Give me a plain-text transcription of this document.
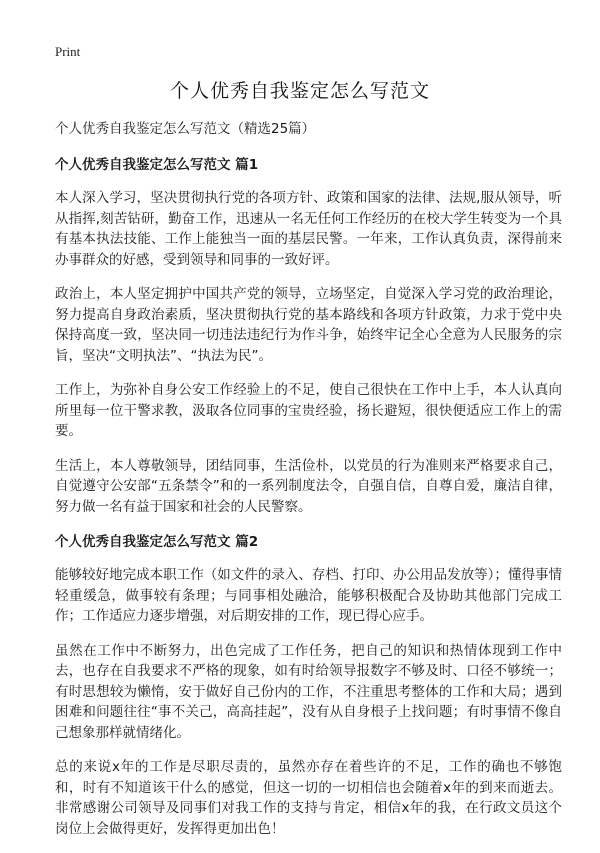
Print
个人优秀自我鉴定怎么写范文

个人优秀自我鉴定怎么写范文（精选25篇）

个人优秀自我鉴定怎么写范文 篇1

本人深入学习，坚决贯彻执行党的各项方针、政策和国家的法律、法规,服从领导，听从指挥,刻苦钻研，勤奋工作，迅速从一名无任何工作经历的在校大学生转变为一个具有基本执法技能、工作上能独当一面的基层民警。一年来，工作认真负责，深得前来办事群众的好感，受到领导和同事的一致好评。

政治上，本人坚定拥护中国共产党的领导，立场坚定，自觉深入学习党的政治理论，努力提高自身政治素质，坚决贯彻执行党的基本路线和各项方针政策，力求于党中央保持高度一致，坚决同一切违法违纪行为作斗争，始终牢记全心全意为人民服务的宗旨，坚决“文明执法”、“执法为民”。

工作上，为弥补自身公安工作经验上的不足，使自己很快在工作中上手，本人认真向所里每一位干警求教，汲取各位同事的宝贵经验，扬长避短，很快便适应工作上的需要。

生活上，本人尊敬领导，团结同事，生活俭朴，以党员的行为准则来严格要求自己，自觉遵守公安部“五条禁令”和的一系列制度法令，自强自信，自尊自爱，廉洁自律，努力做一名有益于国家和社会的人民警察。

个人优秀自我鉴定怎么写范文 篇2

能够较好地完成本职工作（如文件的录入、存档、打印、办公用品发放等）；懂得事情轻重缓急，做事较有条理；与同事相处融洽，能够积极配合及协助其他部门完成工作；工作适应力逐步增强，对后期安排的工作，现已得心应手。

虽然在工作中不断努力，出色完成了工作任务，把自己的知识和热情体现到工作中去，也存在自我要求不严格的现象，如有时给领导报数字不够及时、口径不够统一；有时思想较为懒惰，安于做好自己份内的工作，不注重思考整体的工作和大局；遇到困难和问题往往“事不关己，高高挂起”，没有从自身根子上找问题；有时事情不像自己想象那样就情绪化。

总的来说x年的工作是尽职尽责的，虽然亦存在着些许的不足，工作的确也不够饱和，时有不知道该干什么的感觉，但这一切的一切相信也会随着x年的到来而逝去。非常感谢公司领导及同事们对我工作的支持与肯定，相信x年的我，在行政文员这个岗位上会做得更好，发挥得更加出色！
